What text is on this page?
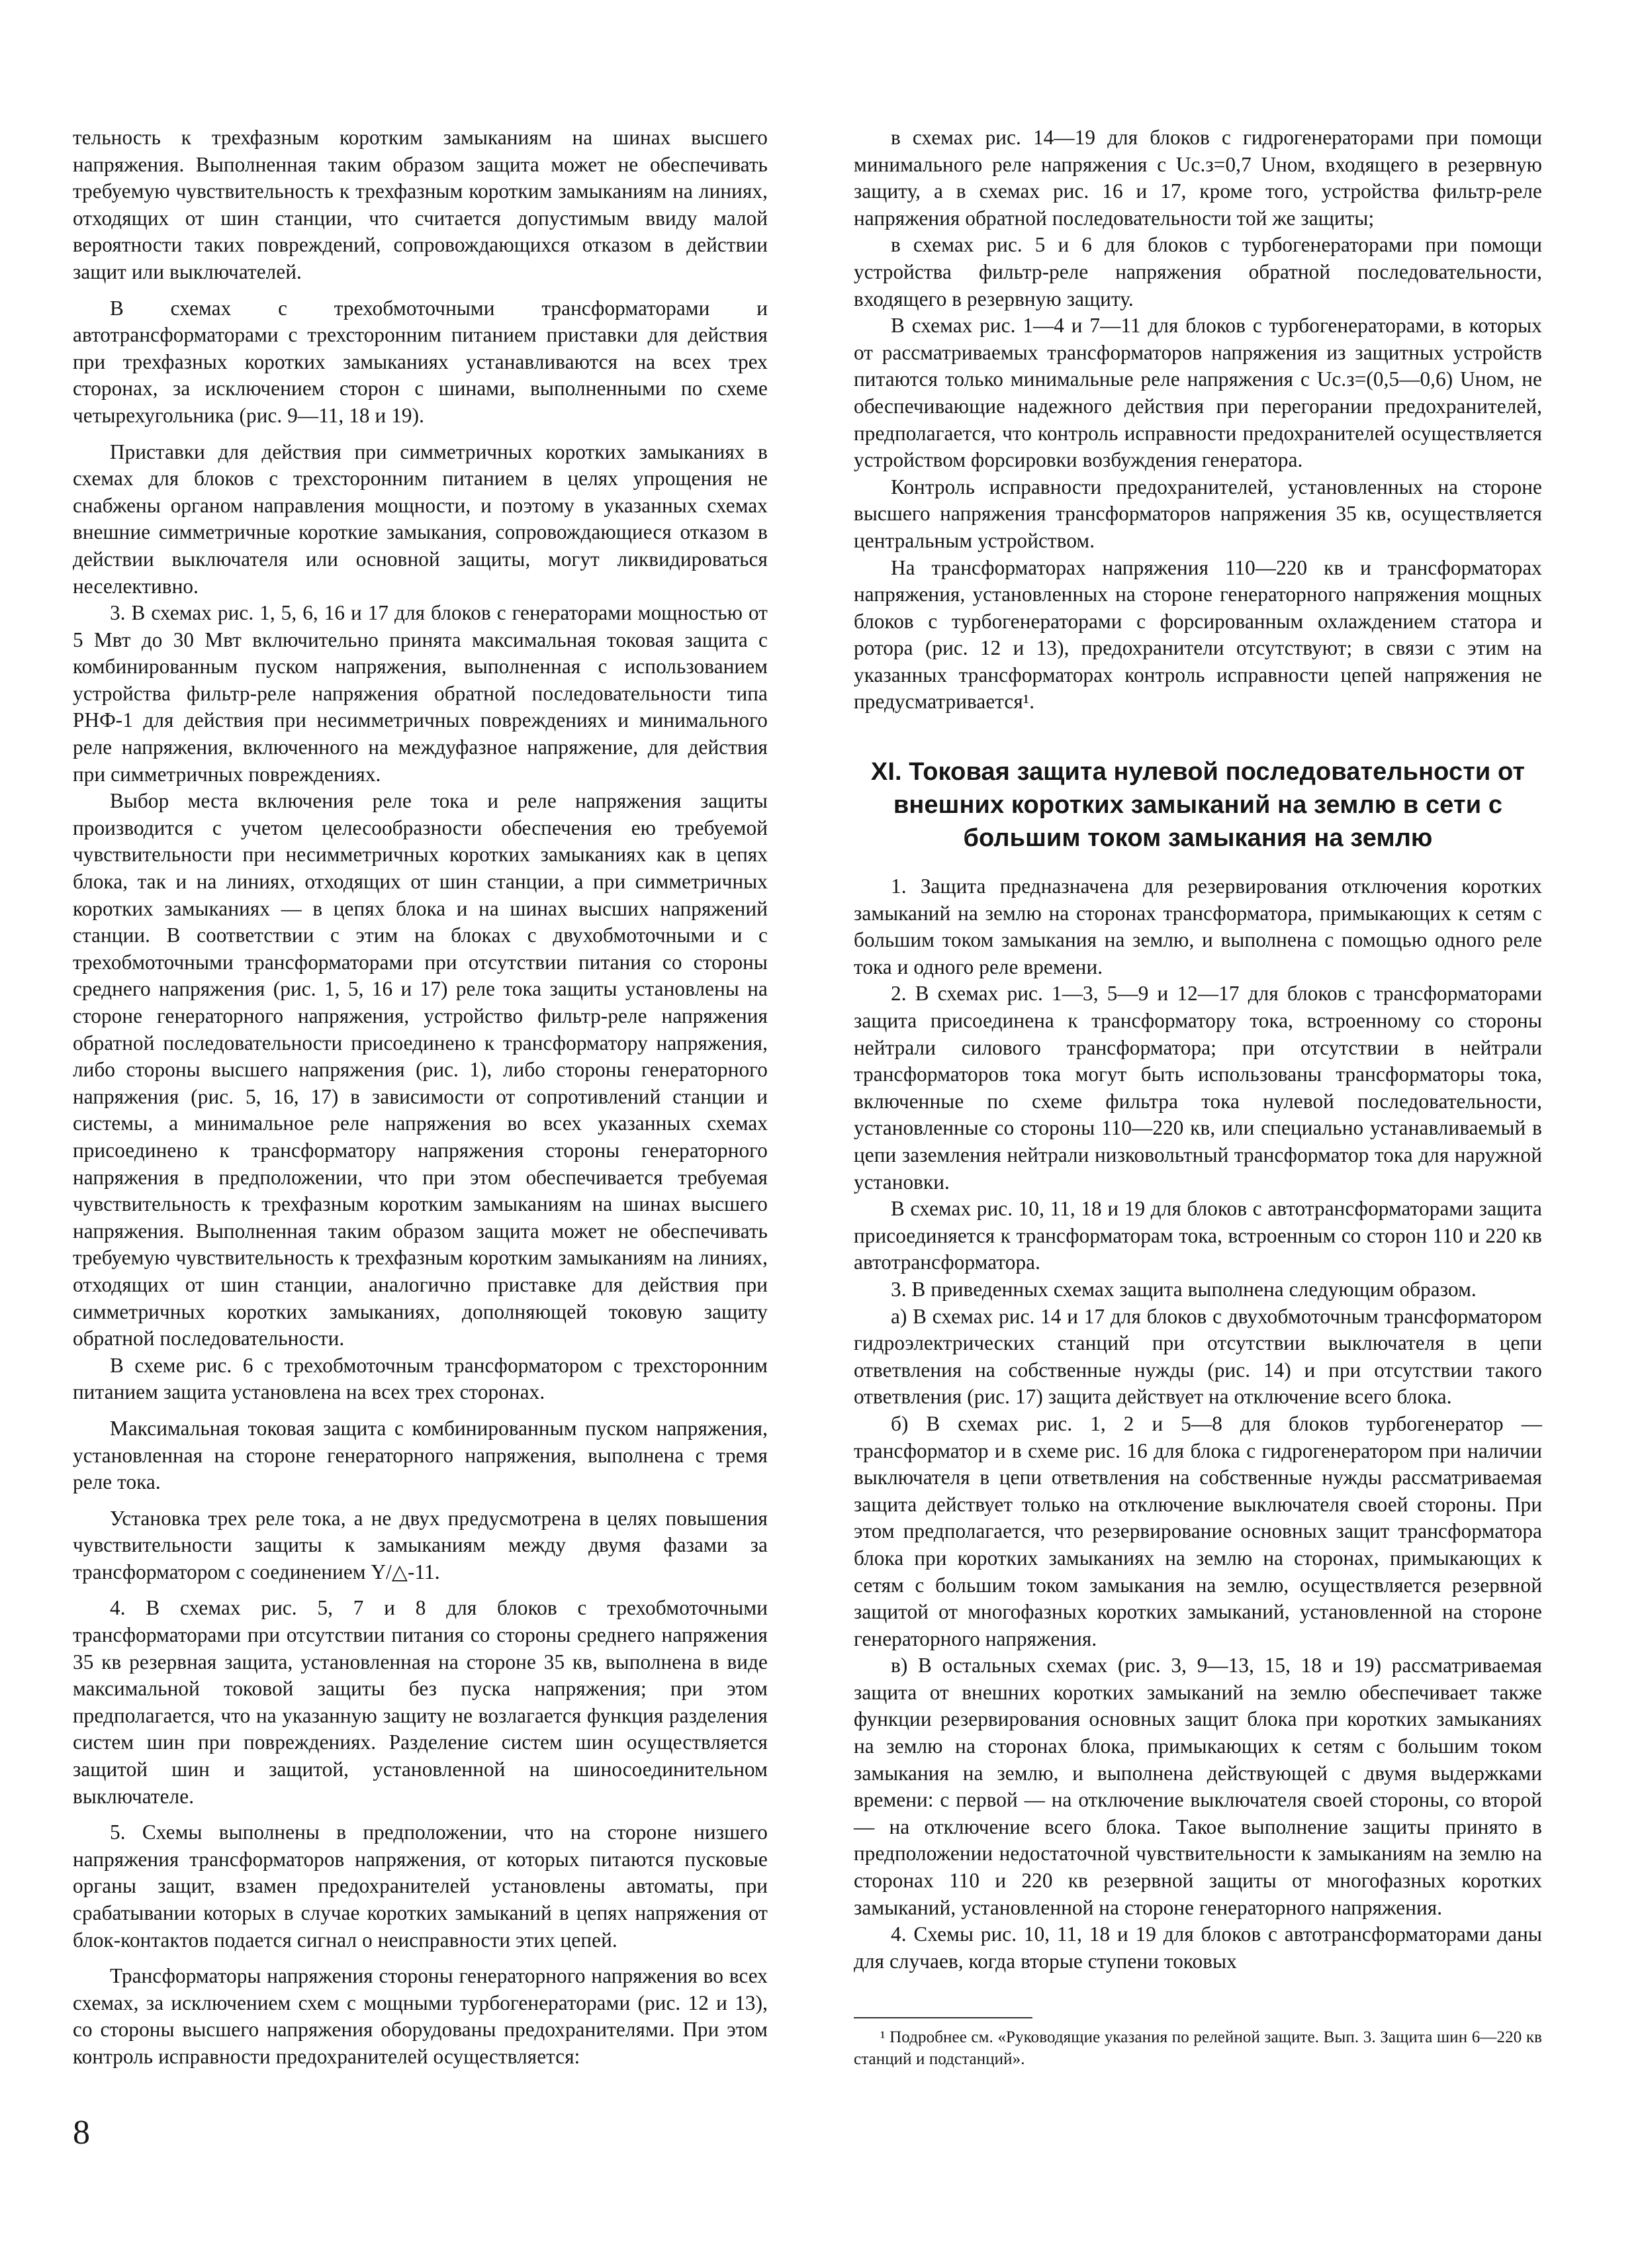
тельность к трехфазным коротким замыканиям на шинах высшего напряжения. Выполненная таким образом защита может не обеспечивать требуемую чувствительность к трехфазным коротким замыканиям на линиях, отходящих от шин станции, что считается допустимым ввиду малой вероятности таких повреждений, сопровождающихся отказом в действии защит или выключателей.

В схемах с трехобмоточными трансформаторами и автотрансформаторами с трехсторонним питанием приставки для действия при трехфазных коротких замыканиях устанавливаются на всех трех сторонах, за исключением сторон с шинами, выполненными по схеме четырехугольника (рис. 9—11, 18 и 19).

Приставки для действия при симметричных коротких замыканиях в схемах для блоков с трехсторонним питанием в целях упрощения не снабжены органом направления мощности, и поэтому в указанных схемах внешние симметричные короткие замыкания, сопровождающиеся отказом в действии выключателя или основной защиты, могут ликвидироваться неселективно.

3. В схемах рис. 1, 5, 6, 16 и 17 для блоков с генераторами мощностью от 5 Мвт до 30 Мвт включительно принята максимальная токовая защита с комбинированным пуском напряжения, выполненная с использованием устройства фильтр-реле напряжения обратной последовательности типа РНФ-1 для действия при несимметричных повреждениях и минимального реле напряжения, включенного на междуфазное напряжение, для действия при симметричных повреждениях.

Выбор места включения реле тока и реле напряжения защиты производится с учетом целесообразности обеспечения ею требуемой чувствительности при несимметричных коротких замыканиях как в цепях блока, так и на линиях, отходящих от шин станции, а при симметричных коротких замыканиях — в цепях блока и на шинах высших напряжений станции. В соответствии с этим на блоках с двухобмоточными и с трехобмоточными трансформаторами при отсутствии питания со стороны среднего напряжения (рис. 1, 5, 16 и 17) реле тока защиты установлены на стороне генераторного напряжения, устройство фильтр-реле напряжения обратной последовательности присоединено к трансформатору напряжения, либо стороны высшего напряжения (рис. 1), либо стороны генераторного напряжения (рис. 5, 16, 17) в зависимости от сопротивлений станции и системы, а минимальное реле напряжения во всех указанных схемах присоединено к трансформатору напряжения стороны генераторного напряжения в предположении, что при этом обеспечивается требуемая чувствительность к трехфазным коротким замыканиям на шинах высшего напряжения. Выполненная таким образом защита может не обеспечивать требуемую чувствительность к трехфазным коротким замыканиям на линиях, отходящих от шин станции, аналогично приставке для действия при симметричных коротких замыканиях, дополняющей токовую защиту обратной последовательности.

В схеме рис. 6 с трехобмоточным трансформатором с трехсторонним питанием защита установлена на всех трех сторонах.

Максимальная токовая защита с комбинированным пуском напряжения, установленная на стороне генераторного напряжения, выполнена с тремя реле тока.

Установка трех реле тока, а не двух предусмотрена в целях повышения чувствительности защиты к замыканиям между двумя фазами за трансформатором с соединением Y/△-11.

4. В схемах рис. 5, 7 и 8 для блоков с трехобмоточными трансформаторами при отсутствии питания со стороны среднего напряжения 35 кв резервная защита, установленная на стороне 35 кв, выполнена в виде максимальной токовой защиты без пуска напряжения; при этом предполагается, что на указанную защиту не возлагается функция разделения систем шин при повреждениях. Разделение систем шин осуществляется защитой шин и защитой, установленной на шиносоединительном выключателе.

5. Схемы выполнены в предположении, что на стороне низшего напряжения трансформаторов напряжения, от которых питаются пусковые органы защит, взамен предохранителей установлены автоматы, при срабатывании которых в случае коротких замыканий в цепях напряжения от блок-контактов подается сигнал о неисправности этих цепей.

Трансформаторы напряжения стороны генераторного напряжения во всех схемах, за исключением схем с мощными турбогенераторами (рис. 12 и 13), со стороны высшего напряжения оборудованы предохранителями. При этом контроль исправности предохранителей осуществляется:

в схемах рис. 14—19 для блоков с гидрогенераторами при помощи минимального реле напряжения с Uс.з=0,7 Uном, входящего в резервную защиту, а в схемах рис. 16 и 17, кроме того, устройства фильтр-реле напряжения обратной последовательности той же защиты;

в схемах рис. 5 и 6 для блоков с турбогенераторами при помощи устройства фильтр-реле напряжения обратной последовательности, входящего в резервную защиту.

В схемах рис. 1—4 и 7—11 для блоков с турбогенераторами, в которых от рассматриваемых трансформаторов напряжения из защитных устройств питаются только минимальные реле напряжения с Uс.з=(0,5—0,6) Uном, не обеспечивающие надежного действия при перегорании предохранителей, предполагается, что контроль исправности предохранителей осуществляется устройством форсировки возбуждения генератора.

Контроль исправности предохранителей, установленных на стороне высшего напряжения трансформаторов напряжения 35 кв, осуществляется центральным устройством.

На трансформаторах напряжения 110—220 кв и трансформаторах напряжения, установленных на стороне генераторного напряжения мощных блоков с турбогенераторами с форсированным охлаждением статора и ротора (рис. 12 и 13), предохранители отсутствуют; в связи с этим на указанных трансформаторах контроль исправности цепей напряжения не предусматривается¹.

XI. Токовая защита нулевой последовательности от внешних коротких замыканий на землю в сети с большим током замыкания на землю

1. Защита предназначена для резервирования отключения коротких замыканий на землю на сторонах трансформатора, примыкающих к сетям с большим током замыкания на землю, и выполнена с помощью одного реле тока и одного реле времени.

2. В схемах рис. 1—3, 5—9 и 12—17 для блоков с трансформаторами защита присоединена к трансформатору тока, встроенному со стороны нейтрали силового трансформатора; при отсутствии в нейтрали трансформаторов тока могут быть использованы трансформаторы тока, включенные по схеме фильтра тока нулевой последовательности, установленные со стороны 110—220 кв, или специально устанавливаемый в цепи заземления нейтрали низковольтный трансформатор тока для наружной установки.

В схемах рис. 10, 11, 18 и 19 для блоков с автотрансформаторами защита присоединяется к трансформаторам тока, встроенным со сторон 110 и 220 кв автотрансформатора.

3. В приведенных схемах защита выполнена следующим образом.

а) В схемах рис. 14 и 17 для блоков с двухобмоточным трансформатором гидроэлектрических станций при отсутствии выключателя в цепи ответвления на собственные нужды (рис. 14) и при отсутствии такого ответвления (рис. 17) защита действует на отключение всего блока.

б) В схемах рис. 1, 2 и 5—8 для блоков турбогенератор — трансформатор и в схеме рис. 16 для блока с гидрогенератором при наличии выключателя в цепи ответвления на собственные нужды рассматриваемая защита действует только на отключение выключателя своей стороны. При этом предполагается, что резервирование основных защит трансформатора блока при коротких замыканиях на землю на сторонах, примыкающих к сетям с большим током замыкания на землю, осуществляется резервной защитой от многофазных коротких замыканий, установленной на стороне генераторного напряжения.

в) В остальных схемах (рис. 3, 9—13, 15, 18 и 19) рассматриваемая защита от внешних коротких замыканий на землю обеспечивает также функции резервирования основных защит блока при коротких замыканиях на землю на сторонах блока, примыкающих к сетям с большим током замыкания на землю, и выполнена действующей с двумя выдержками времени: с первой — на отключение выключателя своей стороны, со второй — на отключение всего блока. Такое выполнение защиты принято в предположении недостаточной чувствительности к замыканиям на землю на сторонах 110 и 220 кв резервной защиты от многофазных коротких замыканий, установленной на стороне генераторного напряжения.

4. Схемы рис. 10, 11, 18 и 19 для блоков с автотрансформаторами даны для случаев, когда вторые ступени токовых

¹ Подробнее см. «Руководящие указания по релейной защите. Вып. 3. Защита шин 6—220 кв станций и подстанций».

8
